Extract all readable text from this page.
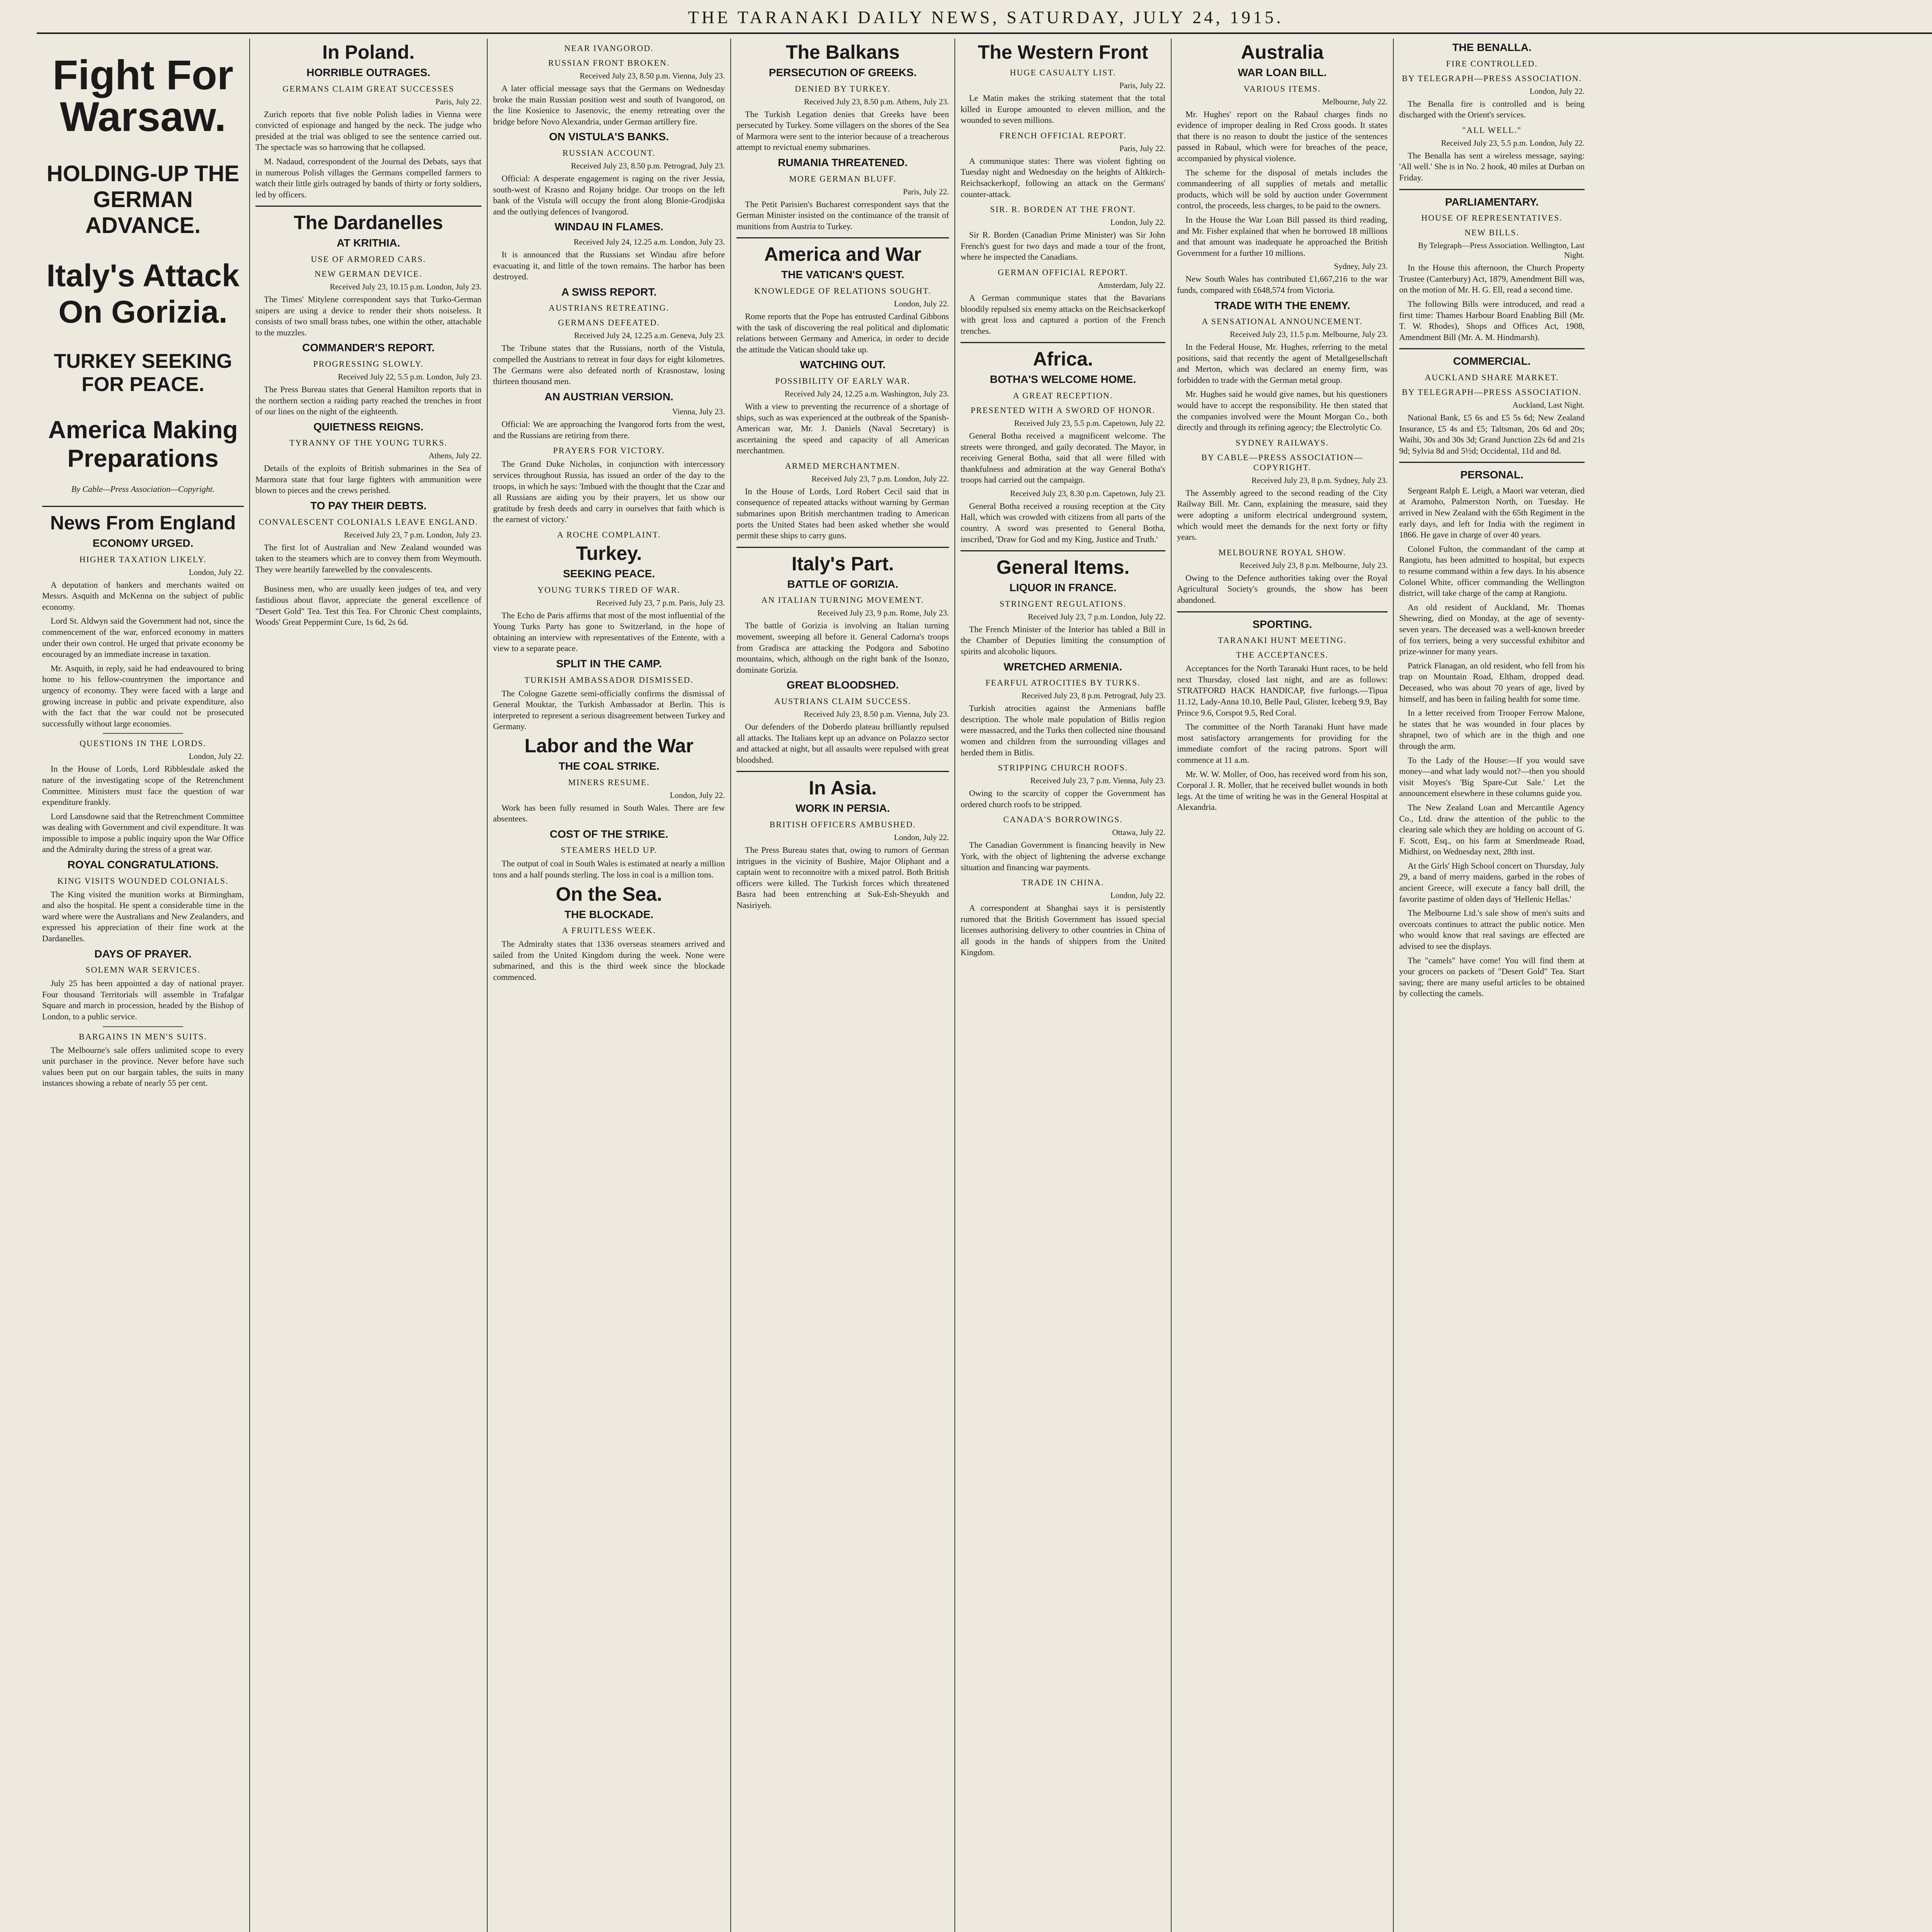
THE TARANAKI DAILY NEWS, SATURDAY, JULY 24, 1915.
Fight For Warsaw.
HOLDING-UP THE GERMAN ADVANCE.
Italy's Attack On Gorizia.
TURKEY SEEKING FOR PEACE.
America Making Preparations
By Cable—Press Association—Copyright.
News From England
ECONOMY URGED.
HIGHER TAXATION LIKELY.
London, July 22.

A deputation of bankers and merchants waited on Messrs. Asquith and McKenna on the subject of public economy.

Lord St. Aldwyn said the Government had not, since the commencement of the war, enforced economy in matters under their own control. He urged that private economy be encouraged by an immediate increase in taxation.

Mr. Asquith, in reply, said he had endeavoured to bring home to his fellow-countrymen the importance and urgency of economy. They were faced with a large and growing increase in public and private expenditure, also with the fact that the war could not be prosecuted successfully without large economies.

QUESTIONS IN THE LORDS.
London, July 22.

In the House of Lords, Lord Ribblesdale asked the nature of the investigating scope of the Retrenchment Committee. Ministers must face the question of war expenditure frankly.

Lord Lansdowne said that the Retrenchment Committee was dealing with Government and civil expenditure. It was impossible to impose a public inquiry upon the War Office and the Admiralty during the stress of a great war.

ROYAL CONGRATULATIONS.
KING VISITS WOUNDED COLONIALS.

The King visited the munition works at Birmingham, and also the hospital. He spent a considerable time in the ward where were the Australians and New Zealanders, and expressed his appreciation of their fine work at the Dardanelles.

DAYS OF PRAYER.
SOLEMN WAR SERVICES.

July 25 has been appointed a day of national prayer. Four thousand Territorials will assemble in Trafalgar Square and march in procession, headed by the Bishop of London, to a public service.

BARGAINS IN MEN'S SUITS.

The Melbourne's sale offers unlimited scope to every unit purchaser in the province. Never before have such values been put on our bargain tables, the suits in many instances showing a rebate of nearly 55 per cent.

In Poland.
HORRIBLE OUTRAGES.
GERMANS CLAIM GREAT SUCCESSES
Paris, July 22.

Zurich reports that five noble Polish ladies in Vienna were convicted of espionage and hanged by the neck. The judge who presided at the trial was obliged to see the sentence carried out. The spectacle was so harrowing that he collapsed.

M. Nadaud, correspondent of the Journal des Debats, says that in numerous Polish villages the Germans compelled farmers to watch their little girls outraged by bands of thirty or forty soldiers, led by officers.

The Dardanelles
AT KRITHIA.
USE OF ARMORED CARS.
NEW GERMAN DEVICE.
Received July 23, 10.15 p.m. London, July 23.

The Times' Mitylene correspondent says that Turko-German snipers are using a device to render their shots noiseless. It consists of two small brass tubes, one within the other, attachable to the muzzles.

COMMANDER'S REPORT.
PROGRESSING SLOWLY.
Received July 22, 5.5 p.m. London, July 23.

The Press Bureau states that General Hamilton reports that in the northern section a raiding party reached the trenches in front of our lines on the night of the eighteenth.

QUIETNESS REIGNS.
TYRANNY OF THE YOUNG TURKS.
Athens, July 22.

Details of the exploits of British submarines in the Sea of Marmora state that four large fighters with ammunition were blown to pieces and the crews perished.

TO PAY THEIR DEBTS.
CONVALESCENT COLONIALS LEAVE ENGLAND.
Received July 23, 7 p.m. London, July 23.

The first lot of Australian and New Zealand wounded was taken to the steamers which are to convey them from Weymouth. They were heartily farewelled by the convalescents.

Business men, who are usually keen judges of tea, and very fastidious about flavor, appreciate the general excellence of "Desert Gold" Tea. Test this Tea. For Chronic Chest complaints, Woods' Great Peppermint Cure, 1s 6d, 2s 6d.

NEAR IVANGOROD.
RUSSIAN FRONT BROKEN.
Received July 23, 8.50 p.m. Vienna, July 23.

A later official message says that the Germans on Wednesday broke the main Russian position west and south of Ivangorod, on the line Kosienice to Jasenovic, the enemy retreating over the bridge before Novo Alexandria, under German artillery fire.

ON VISTULA'S BANKS.
RUSSIAN ACCOUNT.
Received July 23, 8.50 p.m. Petrograd, July 23.

Official: A desperate engagement is raging on the river Jessia, south-west of Krasno and Rojany bridge. Our troops on the left bank of the Vistula will occupy the front along Blonie-Grodjiska and the outlying defences of Ivangorod.

WINDAU IN FLAMES.
Received July 24, 12.25 a.m. London, July 23.

It is announced that the Russians set Windau afire before evacuating it, and little of the town remains. The harbor has been destroyed.

A SWISS REPORT.
AUSTRIANS RETREATING.
GERMANS DEFEATED.
Received July 24, 12.25 a.m. Geneva, July 23.

The Tribune states that the Russians, north of the Vistula, compelled the Austrians to retreat in four days for eight kilometres. The Germans were also defeated north of Krasnostaw, losing thirteen thousand men.

AN AUSTRIAN VERSION.
Vienna, July 23.

Official: We are approaching the Ivangorod forts from the west, and the Russians are retiring from there.

PRAYERS FOR VICTORY.

The Grand Duke Nicholas, in conjunction with intercessory services throughout Russia, has issued an order of the day to the troops, in which he says: 'Imbued with the thought that the Czar and all Russians are aiding you by their prayers, let us show our gratitude by fresh deeds and carry in ourselves that faith which is the earnest of victory.'

A ROCHE COMPLAINT.
Turkey.
SEEKING PEACE.
YOUNG TURKS TIRED OF WAR.
Received July 23, 7 p.m. Paris, July 23.

The Echo de Paris affirms that most of the most influential of the Young Turks Party has gone to Switzerland, in the hope of obtaining an interview with representatives of the Entente, with a view to a separate peace.

SPLIT IN THE CAMP.
TURKISH AMBASSADOR DISMISSED.

The Cologne Gazette semi-officially confirms the dismissal of General Mouktar, the Turkish Ambassador at Berlin. This is interpreted to represent a serious disagreement between Turkey and Germany.

Labor and the War
THE COAL STRIKE.
MINERS RESUME.
London, July 22.

Work has been fully resumed in South Wales. There are few absentees.

COST OF THE STRIKE.
STEAMERS HELD UP.

The output of coal in South Wales is estimated at nearly a million tons and a half pounds sterling. The loss in coal is a million tons.

On the Sea.
THE BLOCKADE.
A FRUITLESS WEEK.

The Admiralty states that 1336 overseas steamers arrived and sailed from the United Kingdom during the week. None were submarined, and this is the third week since the blockade commenced.

The Balkans
PERSECUTION OF GREEKS.
DENIED BY TURKEY.
Received July 23, 8.50 p.m. Athens, July 23.

The Turkish Legation denies that Greeks have been persecuted by Turkey. Some villagers on the shores of the Sea of Marmora were sent to the interior because of a treacherous attempt to revictual enemy submarines.

RUMANIA THREATENED.
MORE GERMAN BLUFF.
Paris, July 22.

The Petit Parisien's Bucharest correspondent says that the German Minister insisted on the continuance of the transit of munitions from Austria to Turkey.

America and War
THE VATICAN'S QUEST.
KNOWLEDGE OF RELATIONS SOUGHT.
London, July 22.

Rome reports that the Pope has entrusted Cardinal Gibbons with the task of discovering the real political and diplomatic relations between Germany and America, in order to decide the attitude the Vatican should take up.

WATCHING OUT.
POSSIBILITY OF EARLY WAR.
Received July 24, 12.25 a.m. Washington, July 23.

With a view to preventing the recurrence of a shortage of ships, such as was experienced at the outbreak of the Spanish-American war, Mr. J. Daniels (Naval Secretary) is ascertaining the speed and capacity of all American merchantmen.

ARMED MERCHANTMEN.
Received July 23, 7 p.m. London, July 22.

In the House of Lords, Lord Robert Cecil said that in consequence of repeated attacks without warning by German submarines upon British merchantmen trading to American ports the United States had been asked whether she would permit these ships to carry guns.

Italy's Part.
BATTLE OF GORIZIA.
AN ITALIAN TURNING MOVEMENT.
Received July 23, 9 p.m. Rome, July 23.

The battle of Gorizia is involving an Italian turning movement, sweeping all before it. General Cadorna's troops from Gradisca are attacking the Podgora and Sabotino mountains, which, although on the right bank of the Isonzo, dominate Gorizia.

GREAT BLOODSHED.
AUSTRIANS CLAIM SUCCESS.
Received July 23, 8.50 p.m. Vienna, July 23.

Our defenders of the Doberdo plateau brilliantly repulsed all attacks. The Italians kept up an advance on Polazzo sector and attacked at night, but all assaults were repulsed with great bloodshed.

In Asia.
WORK IN PERSIA.
BRITISH OFFICERS AMBUSHED.
London, July 22.

The Press Bureau states that, owing to rumors of German intrigues in the vicinity of Bushire, Major Oliphant and a captain went to reconnoitre with a mixed patrol. Both British officers were killed. The Turkish forces which threatened Basra had been entrenching at Suk-Esh-Sheyukh and Nasiriyeh.

The Western Front
HUGE CASUALTY LIST.
Paris, July 22.

Le Matin makes the striking statement that the total killed in Europe amounted to eleven million, and the wounded to seven millions.

FRENCH OFFICIAL REPORT.
Paris, July 22.

A communique states: There was violent fighting on Tuesday night and Wednesday on the heights of Altkirch-Reichsackerkopf, following an attack on the Germans' counter-attack.

SIR. R. BORDEN AT THE FRONT.
London, July 22.

Sir R. Borden (Canadian Prime Minister) was Sir John French's guest for two days and made a tour of the front, where he inspected the Canadians.

GERMAN OFFICIAL REPORT.
Amsterdam, July 22.

A German communique states that the Bavarians bloodily repulsed six enemy attacks on the Reichsackerkopf with great loss and captured a portion of the French trenches.

Africa.
BOTHA'S WELCOME HOME.
A GREAT RECEPTION.
PRESENTED WITH A SWORD OF HONOR.
Received July 23, 5.5 p.m. Capetown, July 22.

General Botha received a magnificent welcome. The streets were thronged, and gaily decorated. The Mayor, in receiving General Botha, said that all were filled with thankfulness and admiration at the way General Botha's troops had carried out the campaign.

Received July 23, 8.30 p.m. Capetown, July 23.

General Botha received a rousing reception at the City Hall, which was crowded with citizens from all parts of the country. A sword was presented to General Botha, inscribed, 'Draw for God and my King, Justice and Truth.'

General Items.
LIQUOR IN FRANCE.
STRINGENT REGULATIONS.
Received July 23, 7 p.m. London, July 22.

The French Minister of the Interior has tabled a Bill in the Chamber of Deputies limiting the consumption of spirits and alcoholic liquors.

WRETCHED ARMENIA.
FEARFUL ATROCITIES BY TURKS.
Received July 23, 8 p.m. Petrograd, July 23.

Turkish atrocities against the Armenians baffle description. The whole male population of Bitlis region were massacred, and the Turks then collected nine thousand women and children from the surrounding villages and herded them in Bitlis.

STRIPPING CHURCH ROOFS.
Received July 23, 7 p.m. Vienna, July 23.

Owing to the scarcity of copper the Government has ordered church roofs to be stripped.

CANADA'S BORROWINGS.
Ottawa, July 22.

The Canadian Government is financing heavily in New York, with the object of lightening the adverse exchange situation and financing war payments.

TRADE IN CHINA.
London, July 22.

A correspondent at Shanghai says it is persistently rumored that the British Government has issued special licenses authorising delivery to other countries in China of all goods in the hands of shippers from the United Kingdom.

Australia
WAR LOAN BILL.
VARIOUS ITEMS.
Melbourne, July 22.

Mr. Hughes' report on the Rabaul charges finds no evidence of improper dealing in Red Cross goods. It states that there is no reason to doubt the justice of the sentences passed in Rabaul, which were for breaches of the peace, accompanied by physical violence.

The scheme for the disposal of metals includes the commandeering of all supplies of metals and metallic products, which will be sold by auction under Government control, the proceeds, less charges, to be paid to the owners.

In the House the War Loan Bill passed its third reading, and Mr. Fisher explained that when he borrowed 18 millions and that amount was inadequate he approached the British Government for a further 10 millions.

Sydney, July 23.

New South Wales has contributed £1,667,216 to the war funds, compared with £648,574 from Victoria.

TRADE WITH THE ENEMY.
A SENSATIONAL ANNOUNCEMENT.
Received July 23, 11.5 p.m. Melbourne, July 23.

In the Federal House, Mr. Hughes, referring to the metal positions, said that recently the agent of Metallgesellschaft and Merton, which was declared an enemy firm, was forbidden to trade with the German metal group.

Mr. Hughes said he would give names, but his questioners would have to accept the responsibility. He then stated that the companies involved were the Mount Morgan Co., both directly and through its refining agency; the Electrolytic Co.

SYDNEY RAILWAYS.
BY CABLE—PRESS ASSOCIATION—COPYRIGHT.
Received July 23, 8 p.m. Sydney, July 23.

The Assembly agreed to the second reading of the City Railway Bill. Mr. Cann, explaining the measure, said they were adopting a uniform electrical underground system, which would meet the demands for the next forty or fifty years.

MELBOURNE ROYAL SHOW.
Received July 23, 8 p.m. Melbourne, July 23.

Owing to the Defence authorities taking over the Royal Agricultural Society's grounds, the show has been abandoned.

SPORTING.
TARANAKI HUNT MEETING.
THE ACCEPTANCES.

Acceptances for the North Taranaki Hunt races, to be held next Thursday, closed last night, and are as follows: STRATFORD HACK HANDICAP, five furlongs.—Tipua 11.12, Lady-Anna 10.10, Belle Paul, Glister, Iceberg 9.9, Bay Prince 9.6, Corspot 9.5, Red Coral.

The committee of the North Taranaki Hunt have made most satisfactory arrangements for providing for the immediate comfort of the racing patrons. Sport will commence at 11 a.m.

Mr. W. W. Moller, of Ooo, has received word from his son, Corporal J. R. Moller, that he received bullet wounds in both legs. At the time of writing he was in the General Hospital at Alexandria.

THE BENALLA.
FIRE CONTROLLED.
BY TELEGRAPH—PRESS ASSOCIATION.
London, July 22.

The Benalla fire is controlled and is being discharged with the Orient's services.

"ALL WELL."
Received July 23, 5.5 p.m. London, July 22.

The Benalla has sent a wireless message, saying: 'All well.' She is in No. 2 hook, 40 miles at Durban on Friday.

PARLIAMENTARY.
HOUSE OF REPRESENTATIVES.
NEW BILLS.
By Telegraph—Press Association. Wellington, Last Night.

In the House this afternoon, the Church Property Trustee (Canterbury) Act, 1879, Amendment Bill was, on the motion of Mr. H. G. Ell, read a second time.

The following Bills were introduced, and read a first time: Thames Harbour Board Enabling Bill (Mr. T. W. Rhodes), Shops and Offices Act, 1908, Amendment Bill (Mr. A. M. Hindmarsh).

COMMERCIAL.
AUCKLAND SHARE MARKET.
BY TELEGRAPH—PRESS ASSOCIATION.
Auckland, Last Night.

National Bank, £5 6s and £5 5s 6d; New Zealand Insurance, £5 4s and £5; Taltsman, 20s 6d and 20s; Waihi, 30s and 30s 3d; Grand Junction 22s 6d and 21s 9d; Sylvia 8d and 5½d; Occidental, 11d and 8d.

PERSONAL.

Sergeant Ralph E. Leigh, a Maori war veteran, died at Aramoho, Palmerston North, on Tuesday. He arrived in New Zealand with the 65th Regiment in the early days, and left for India with the regiment in 1866. He gave in charge of over 40 years.

Colonel Fulton, the commandant of the camp at Rangiotu, has been admitted to hospital, but expects to resume command within a few days. In his absence Colonel White, officer commanding the Wellington district, will take charge of the camp at Rangiotu.

An old resident of Auckland, Mr. Thomas Shewring, died on Monday, at the age of seventy-seven years. The deceased was a well-known breeder of fox terriers, being a very successful exhibitor and prize-winner for many years.

Patrick Flanagan, an old resident, who fell from his trap on Mountain Road, Eltham, dropped dead. Deceased, who was about 70 years of age, lived by himself, and has been in failing health for some time.

In a letter received from Trooper Ferrow Malone, he states that he was wounded in four places by shrapnel, two of which are in the thigh and one through the arm.

To the Lady of the House:—If you would save money—and what lady would not?—then you should visit Moyes's 'Big Spare-Cut Sale.' Let the announcement elsewhere in these columns guide you.

The New Zealand Loan and Mercantile Agency Co., Ltd. draw the attention of the public to the clearing sale which they are holding on account of G. F. Scott, Esq., on his farm at Smerdmeade Road, Midhirst, on Wednesday next, 28th inst.

At the Girls' High School concert on Thursday, July 29, a band of merry maidens, garbed in the robes of ancient Greece, will execute a fancy ball drill, the favorite pastime of olden days of 'Hellenic Hellas.'

The Melbourne Ltd.'s sale show of men's suits and overcoats continues to attract the public notice. Men who would know that real savings are effected are advised to see the displays.

The "camels" have come! You will find them at your grocers on packets of "Desert Gold" Tea. Start saving; there are many useful articles to be obtained by collecting the camels.
